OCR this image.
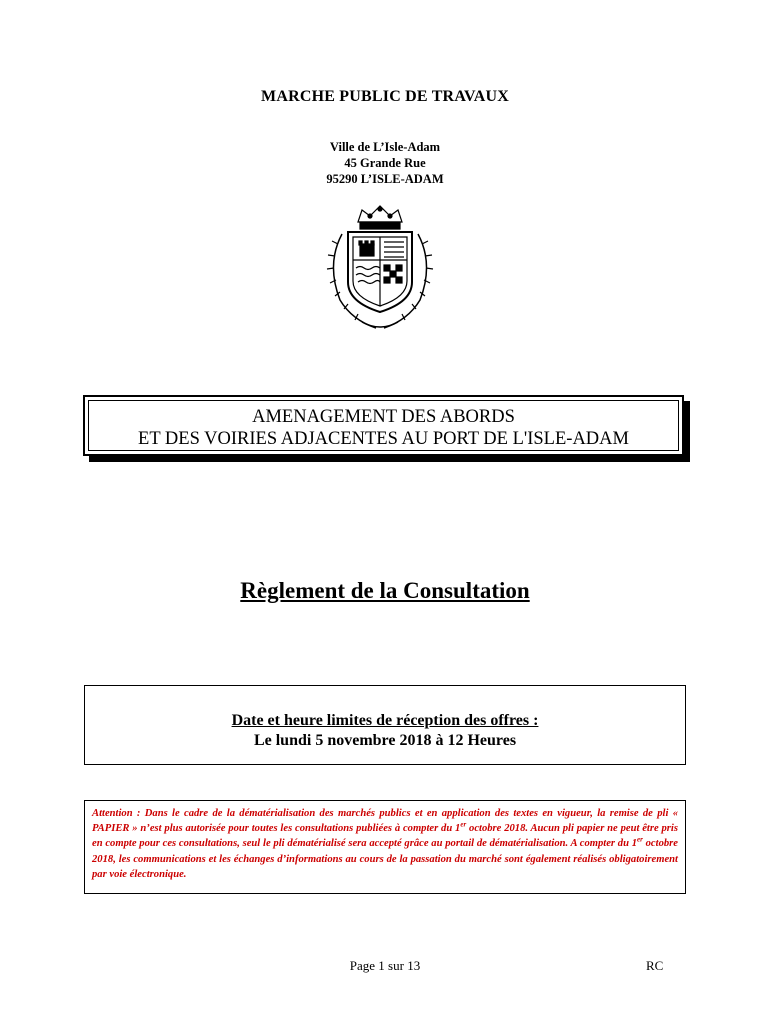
MARCHE PUBLIC DE TRAVAUX
Ville de L’Isle-Adam
45 Grande Rue
95290 L’ISLE-ADAM
AMENAGEMENT DES ABORDS
ET DES VOIRIES ADJACENTES AU PORT DE L'ISLE-ADAM
Règlement de la Consultation
Date et heure limites de réception des offres :
Le lundi 5 novembre 2018 à 12 Heures
Attention : Dans le cadre de la dématérialisation des marchés publics et en application des textes en vigueur, la remise de pli « PAPIER » n’est plus autorisée pour toutes les consultations publiées à compter du 1er octobre 2018. Aucun pli papier ne peut être pris en compte pour ces consultations, seul le pli dématérialisé sera accepté grâce au portail de dématérialisation. A compter du 1er octobre 2018, les communications et les échanges d’informations au cours de la passation du marché sont également réalisés obligatoirement par voie électronique.
Page 1 sur 13	RC
